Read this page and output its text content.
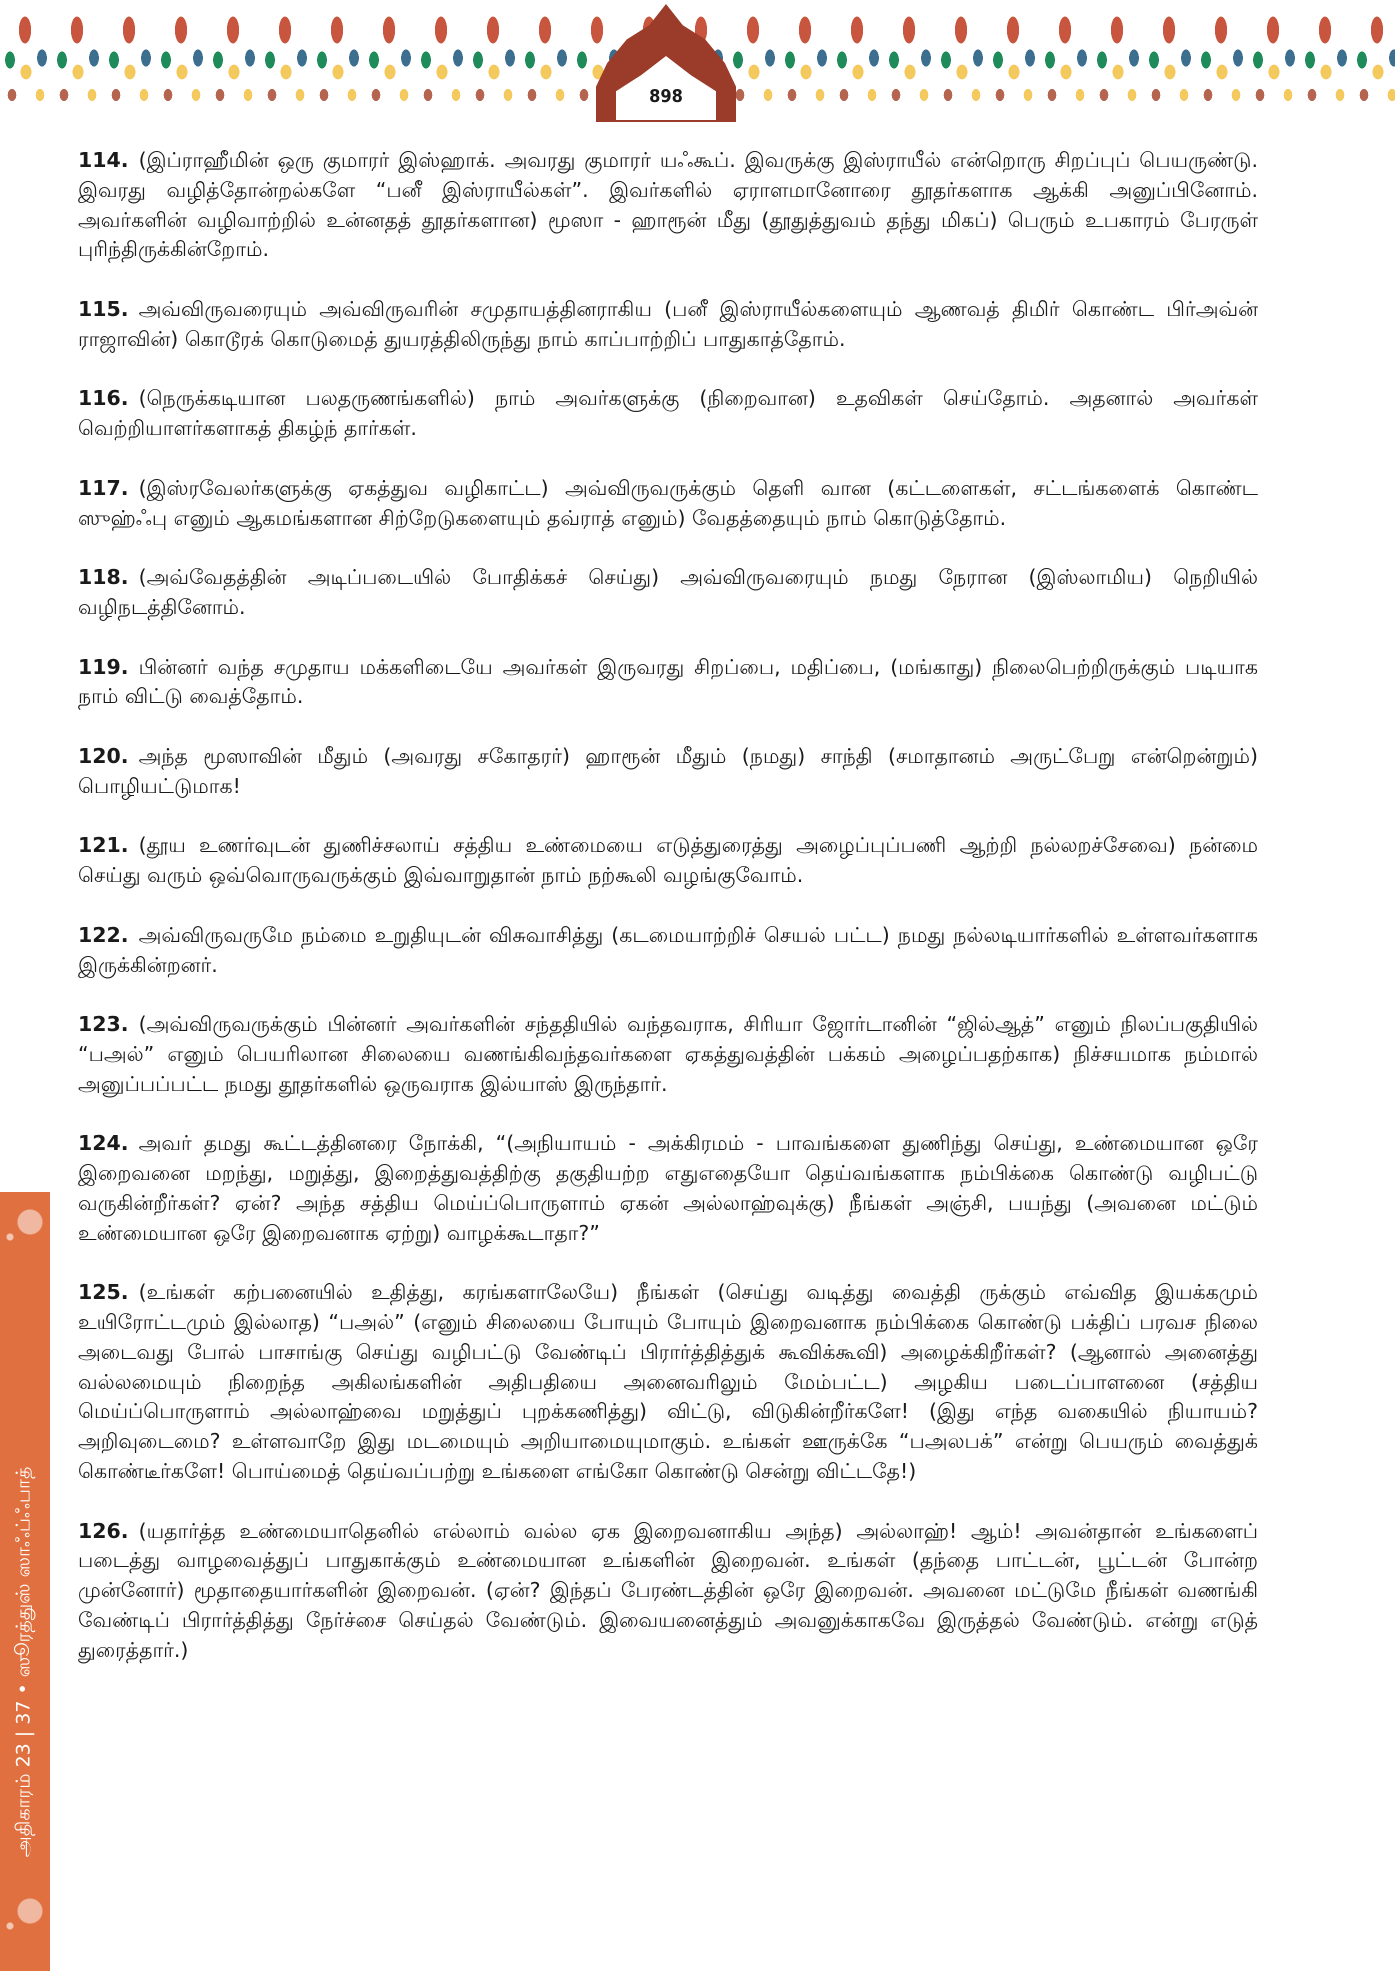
898
அதிகாரம் 23 | 37 • ஸூரத்துஸ் ஸாஃப்ஃபாத்

114. (இப்ராஹீமின் ஒரு குமாரர் இஸ்ஹாக். அவரது குமாரர் யஃகூப். இவருக்கு இஸ்ராயீல் என்றொரு சிறப்புப் பெயருண்டு. இவரது வழித்தோன்றல்களே “பனீ இஸ்ராயீல்கள்”. இவர்களில் ஏராளமானோரை தூதர்களாக ஆக்கி அனுப்பினோம். அவர்களின் வழிவாற்றில் உன்னதத் தூதர்களான) மூஸா - ஹாரூன் மீது (தூதுத்துவம் தந்து மிகப்) பெரும் உபகாரம் பேரருள் புரிந்திருக்கின்றோம்.

115. அவ்விருவரையும் அவ்விருவரின் சமுதாயத்தினராகிய (பனீ இஸ்ராயீல்களையும் ஆணவத் திமிர் கொண்ட பிர்அவ்ன் ராஜாவின்) கொடூரக் கொடுமைத் துயரத்திலிருந்து நாம் காப்பாற்றிப் பாதுகாத்தோம்.

116. (நெருக்கடியான பலதருணங்களில்) நாம் அவர்களுக்கு (நிறைவான) உதவிகள் செய்தோம். அதனால் அவர்கள் வெற்றியாளர்களாகத் திகழ்ந் தார்கள்.

117. (இஸ்ரவேலர்களுக்கு ஏகத்துவ வழிகாட்ட) அவ்விருவருக்கும் தெளி வான (கட்டளைகள், சட்டங்களைக் கொண்ட ஸுஹ்ஃபு எனும் ஆகமங்களான சிற்றேடுகளையும் தவ்ராத் எனும்) வேதத்தையும் நாம் கொடுத்தோம்.

118. (அவ்வேதத்தின் அடிப்படையில் போதிக்கச் செய்து) அவ்விருவரையும் நமது நேரான (இஸ்லாமிய) நெறியில் வழிநடத்தினோம்.

119. பின்னர் வந்த சமுதாய மக்களிடையே அவர்கள் இருவரது சிறப்பை, மதிப்பை, (மங்காது) நிலைபெற்றிருக்கும் படியாக நாம் விட்டு வைத்தோம்.

120. அந்த மூஸாவின் மீதும் (அவரது சகோதரர்) ஹாரூன் மீதும் (நமது) சாந்தி (சமாதானம் அருட்பேறு என்றென்றும்) பொழியட்டுமாக!

121. (தூய உணர்வுடன் துணிச்சலாய் சத்திய உண்மையை எடுத்துரைத்து அழைப்புப்பணி ஆற்றி நல்லறச்சேவை) நன்மை செய்து வரும் ஒவ்வொருவருக்கும் இவ்வாறுதான் நாம் நற்கூலி வழங்குவோம்.

122. அவ்விருவருமே நம்மை உறுதியுடன் விசுவாசித்து (கடமையாற்றிச் செயல் பட்ட) நமது நல்லடியார்களில் உள்ளவர்களாக இருக்கின்றனர்.

123. (அவ்விருவருக்கும் பின்னர் அவர்களின் சந்ததியில் வந்தவராக, சிரியா ஜோர்டானின் “ஜில்ஆத்” எனும் நிலப்பகுதியில் “பஅல்” எனும் பெயரிலான சிலையை வணங்கிவந்தவர்களை ஏகத்துவத்தின் பக்கம் அழைப்பதற்காக) நிச்சயமாக நம்மால் அனுப்பப்பட்ட நமது தூதர்களில் ஒருவராக இல்யாஸ் இருந்தார்.

124. அவர் தமது கூட்டத்தினரை நோக்கி, “(அநியாயம் - அக்கிரமம் - பாவங்களை துணிந்து செய்து, உண்மையான ஒரே இறைவனை மறந்து, மறுத்து, இறைத்துவத்திற்கு தகுதியற்ற எதுஎதையோ தெய்வங்களாக நம்பிக்கை கொண்டு வழிபட்டு வருகின்றீர்கள்? ஏன்? அந்த சத்திய மெய்ப்பொருளாம் ஏகன் அல்லாஹ்வுக்கு) நீங்கள் அஞ்சி, பயந்து (அவனை மட்டும் உண்மையான ஒரே இறைவனாக ஏற்று) வாழக்கூடாதா?”

125. (உங்கள் கற்பனையில் உதித்து, கரங்களாலேயே) நீங்கள் (செய்து வடித்து வைத்தி ருக்கும் எவ்வித இயக்கமும் உயிரோட்டமும் இல்லாத) “பஅல்” (எனும் சிலையை போயும் போயும் இறைவனாக நம்பிக்கை கொண்டு பக்திப் பரவச நிலை அடைவது போல் பாசாங்கு செய்து வழிபட்டு வேண்டிப் பிரார்த்தித்துக் கூவிக்கூவி) அழைக்கிறீர்கள்? (ஆனால் அனைத்து வல்லமையும் நிறைந்த அகிலங்களின் அதிபதியை அனைவரிலும் மேம்பட்ட) அழகிய படைப்பாளனை (சத்திய மெய்ப்பொருளாம் அல்லாஹ்வை மறுத்துப் புறக்கணித்து) விட்டு, விடுகின்றீர்களே! (இது எந்த வகையில் நியாயம்? அறிவுடைமை? உள்ளவாறே இது மடமையும் அறியாமையுமாகும். உங்கள் ஊருக்கே “பஅலபக்” என்று பெயரும் வைத்துக் கொண்டீர்களே! பொய்மைத் தெய்வப்பற்று உங்களை எங்கோ கொண்டு சென்று விட்டதே!)

126. (யதார்த்த உண்மையாதெனில் எல்லாம் வல்ல ஏக இறைவனாகிய அந்த) அல்லாஹ்! ஆம்! அவன்தான் உங்களைப் படைத்து வாழவைத்துப் பாதுகாக்கும் உண்மையான உங்களின் இறைவன். உங்கள் (தந்தை பாட்டன், பூட்டன் போன்ற முன்னோர்) மூதாதையார்களின் இறைவன். (ஏன்? இந்தப் பேரண்டத்தின் ஒரே இறைவன். அவனை மட்டுமே நீங்கள் வணங்கி வேண்டிப் பிரார்த்தித்து நேர்ச்சை செய்தல் வேண்டும். இவையனைத்தும் அவனுக்காகவே இருத்தல் வேண்டும். என்று எடுத் துரைத்தார்.)
